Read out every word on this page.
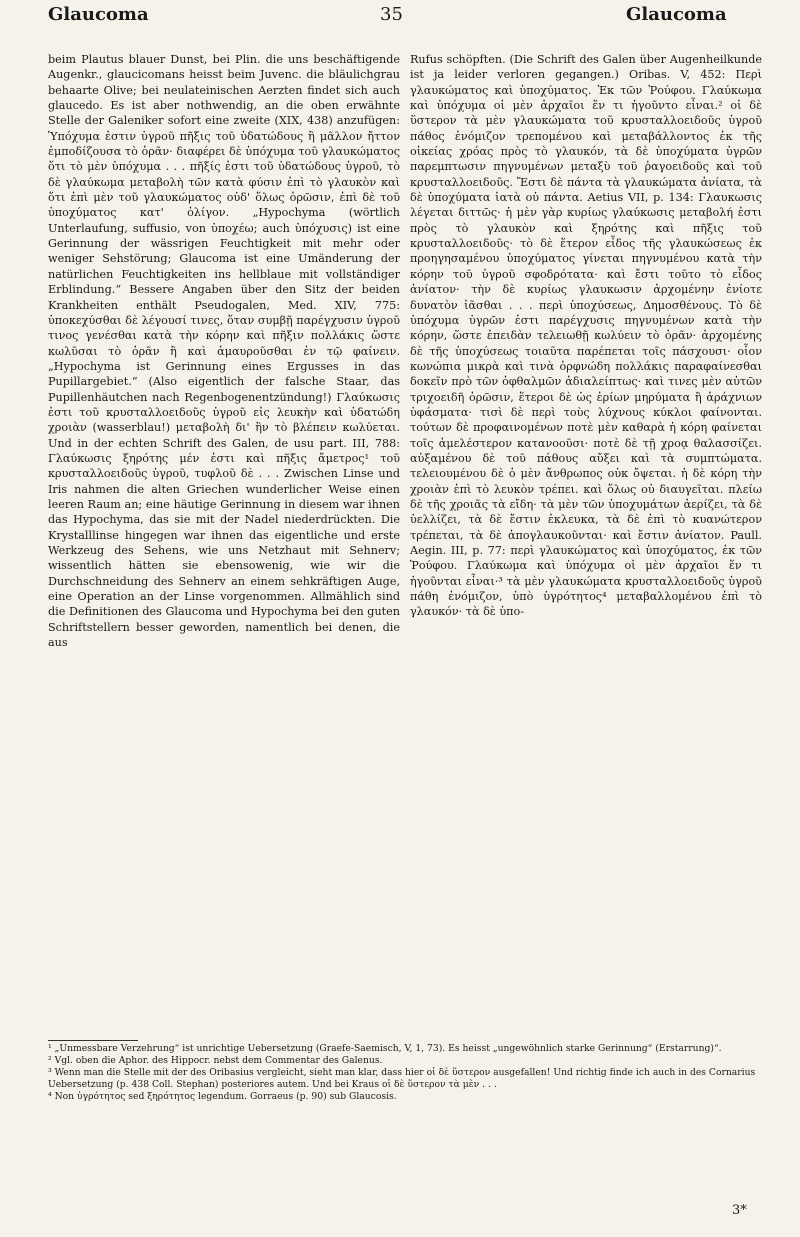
Glaucoma	35	Glaucoma

beim Plautus blauer Dunst, bei Plin. die uns beschäftigende Augenkr., glaucicomans heisst beim Juvenc. die bläulichgrau behaarte Olive; bei neulateinischen Aerzten findet sich auch glaucedo. Es ist aber nothwendig, an die oben erwähnte Stelle der Galeniker sofort eine zweite (XIX, 438) anzufügen: Ὑπόχυμα ἐστιν ὑγροῦ πῆξις τοῦ ὑδατώδους ἢ μᾶλλον ἤττον ἐμποδίζουσα τὸ ὁρᾶν· διαφέρει δὲ ὑπόχυμα τοῦ γλαυκώματος ὅτι τὸ μὲν ὑπόχυμα . . . πῆξίς ἐστι τοῦ ὑδατώδους ὑγροῦ, τὸ δὲ γλαύκωμα μεταβολὴ τῶν κατὰ φύσιν ἐπὶ τὸ γλαυκὸν καὶ ὅτι ἐπὶ μὲν τοῦ γλαυκώματος οὐδ' ὅλως ὁρῶσιν, ἐπὶ δὲ τοῦ ὑποχύματος κατ' ὀλίγον. „Hypochyma (wörtlich Unterlaufung, suffusio, von ὑποχέω; auch ὑπόχυσις) ist eine Gerinnung der wässrigen Feuchtigkeit mit mehr oder weniger Sehstörung; Glaucoma ist eine Umänderung der natürlichen Feuchtigkeiten ins hellblaue mit vollständiger Erblindung.“ Bessere Angaben über den Sitz der beiden Krankheiten enthält Pseudogalen, Med. XIV, 775: ὑποκεχύσθαι δὲ λέγουσί τινες, ὅταν συμβῇ παρέγχυσιν ὑγροῦ τινος γενέσθαι κατὰ τὴν κόρην καὶ πῆξιν πολλάκις ὥστε κωλῦσαι τὸ ὁρᾶν ἢ καὶ ἀμαυροῦσθαι ἐν τῷ φαίνειν. „Hypochyma ist Gerinnung eines Ergusses in das Pupillargebiet.“ (Also eigentlich der falsche Staar, das Pupillenhäutchen nach Regenbogenentzündung!) Γλαύκωσις ἐστι τοῦ κρυσταλλοειδοῦς ὑγροῦ εἰς λευκὴν καὶ ὑδατώδη χροιὰν (wasserblau!) μεταβολὴ δι' ἣν τὸ βλέπειν κωλύεται. Und in der echten Schrift des Galen, de usu part. III, 788: Γλαύκωσις ξηρότης μέν ἐστι καὶ πῆξις ἄμετρος¹ τοῦ κρυσταλλοειδοῦς ὑγροῦ, τυφλοῦ δὲ . . . Zwischen Linse und Iris nahmen die alten Griechen wunderlicher Weise einen leeren Raum an; eine häutige Gerinnung in diesem war ihnen das Hypochyma, das sie mit der Nadel niederdrückten. Die Krystalllinse hingegen war ihnen das eigentliche und erste Werkzeug des Sehens, wie uns Netzhaut mit Sehnerv; wissentlich hätten sie ebensowenig, wie wir die Durchschneidung des Sehnerv an einem sehkräftigen Auge, eine Operation an der Linse vorgenommen. Allmählich sind die Definitionen des Glaucoma und Hypochyma bei den guten Schriftstellern besser geworden, namentlich bei denen, die aus

Rufus schöpften. (Die Schrift des Galen über Augenheilkunde ist ja leider verloren gegangen.) Oribas. V, 452: Περὶ γλαυκώματος καὶ ὑποχύματος. Ἐκ τῶν Ῥούφου. Γλαύκωμα καὶ ὑπόχυμα οἱ μὲν ἀρχαῖοι ἕν τι ἡγοῦντο εἶναι.² οἱ δὲ ὕστερον τὰ μὲν γλαυκώματα τοῦ κρυσταλλοειδοῦς ὑγροῦ πάθος ἐνόμιζον τρεπομένου καὶ μεταβάλλοντος ἐκ τῆς οἰκείας χρόας πρὸς τὸ γλαυκόν, τὰ δὲ ὑποχύματα ὑγρῶν παρεμπτωσιν πηγνυμένων μεταξὺ τοῦ ῥαγοειδοῦς καὶ τοῦ κρυσταλλοειδοῦς. Ἔστι δὲ πάντα τὰ γλαυκώματα ἀνίατα, τὰ δὲ ὑποχύματα ἰατὰ οὐ πάντα. Aetius VII, p. 134: Γλαυκωσις λέγεται διττῶς· ἡ μὲν γὰρ κυρίως γλαύκωσις μεταβολή ἐστι πρὸς τὸ γλαυκὸν καὶ ξηρότης καὶ πῆξις τοῦ κρυσταλλοειδοῦς· τὸ δὲ ἕτερον εἶδος τῆς γλαυκώσεως ἐκ προηγησαμένου ὑποχύματος γίνεται πηγνυμένου κατὰ τὴν κόρην τοῦ ὑγροῦ σφοδρότατα· καὶ ἔστι τοῦτο τὸ εἶδος ἀνίατον· τὴν δὲ κυρίως γλαυκωσιν ἀρχομένην ἐνίοτε δυνατὸν ἰᾶσθαι . . . περὶ ὑποχύσεως, Δημοσθένους. Τὸ δὲ ὑπόχυμα ὑγρῶν ἐστι παρέγχυσις πηγνυμένων κατὰ τὴν κόρην, ὥστε ἐπειδὰν τελειωθῇ κωλύειν τὸ ὁρᾶν· ἀρχομένης δὲ τῆς ὑποχύσεως τοιαῦτα παρέπεται τοῖς πάσχουσι· οἷον κωνώπια μικρὰ καὶ τινὰ ὀρφνώδη πολλάκις παραφαίνεσθαι δοκεῖν πρὸ τῶν ὀφθαλμῶν ἀδιαλείπτως· καὶ τινες μὲν αὐτῶν τριχοειδῆ ὁρῶσιν, ἕτεροι δὲ ὡς ἐρίων μηρύματα ἢ ἀράχνιων ὑφάσματα· τισὶ δὲ περὶ τοὺς λύχνους κύκλοι φαίνονται. τούτων δὲ προφαινομένων ποτὲ μὲν καθαρὰ ἡ κόρη φαίνεται τοῖς ἀμελέστερον κατανοοῦσι· ποτὲ δὲ τῇ χροᾳ θαλασσίζει. αὐξαμένου δὲ τοῦ πάθους αὔξει καὶ τὰ συμπτώματα. τελειουμένου δὲ ὁ μὲν ἄνθρωπος οὐκ ὄψεται. ἡ δὲ κόρη τὴν χροιὰν ἐπὶ τὸ λευκὸν τρέπει. καὶ ὅλως οὐ διαυγεῖται. πλείω δὲ τῆς χροιᾶς τὰ εἴδη· τὰ μὲν τῶν ὑποχυμάτων ἀερίζει, τὰ δὲ ὑελλίζει, τὰ δὲ ἔστιν ἐκλευκα, τὰ δὲ ἐπὶ τὸ κυανώτερον τρέπεται, τὰ δὲ ἀπογλαυκοῦνται· καὶ ἔστιν ἀνίατον. Paull. Aegin. III, p. 77: περὶ γλαυκώματος καὶ ὑποχύματος, ἐκ τῶν Ῥούφου. Γλαύκωμα καὶ ὑπόχυμα οἱ μὲν ἀρχαῖοι ἕν τι ἡγοῦνται εἶναι·³ τὰ μὲν γλαυκώματα κρυσταλλοειδοῦς ὑγροῦ πάθη ἐνόμιζον, ὑπὸ ὑγρότητος⁴ μεταβαλλομένου ἐπὶ τὸ γλαυκόν· τὰ δὲ ὑπο-

¹ „Unmessbare Verzehrung“ ist unrichtige Uebersetzung (Graefe-Saemisch, V, 1, 73). Es heisst „ungewöhnlich starke Gerinnung“ (Erstarrung)“.

² Vgl. oben die Aphor. des Hippocr. nebst dem Commentar des Galenus.

³ Wenn man die Stelle mit der des Oribasius vergleicht, sieht man klar, dass hier οἱ δὲ ὕστερον ausgefallen! Und richtig finde ich auch in des Cornarius Uebersetzung (p. 438 Coll. Stephan) posteriores autem. Und bei Kraus οἱ δὲ ὕστερον τὰ μὲν . . .

⁴ Non ὑγρότητος sed ξηρότητος legendum. Gorraeus (p. 90) sub Glaucosis.

3*
